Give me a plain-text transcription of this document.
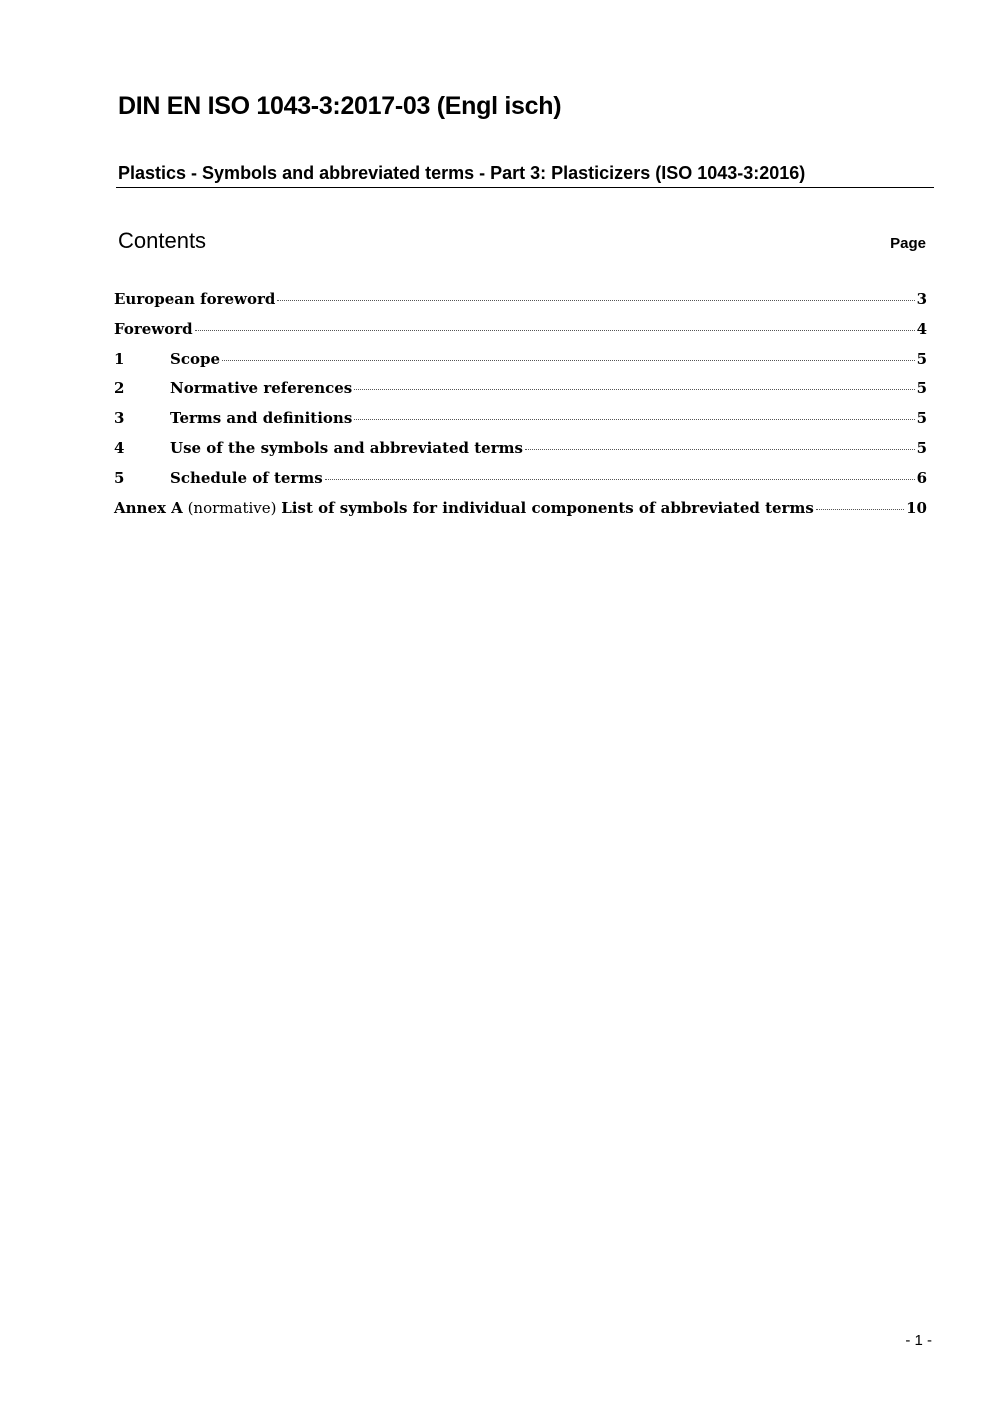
DIN EN ISO 1043-3:2017-03 (Engl isch)
Plastics - Symbols and abbreviated terms - Part 3: Plasticizers (ISO 1043-3:2016)
Contents	Page
European foreword	3
Foreword	4
1	Scope	5
2	Normative references	5
3	Terms and definitions	5
4	Use of the symbols and abbreviated terms	5
5	Schedule of terms	6
Annex A (normative) List of symbols for individual components of abbreviated terms	10
- 1 -
